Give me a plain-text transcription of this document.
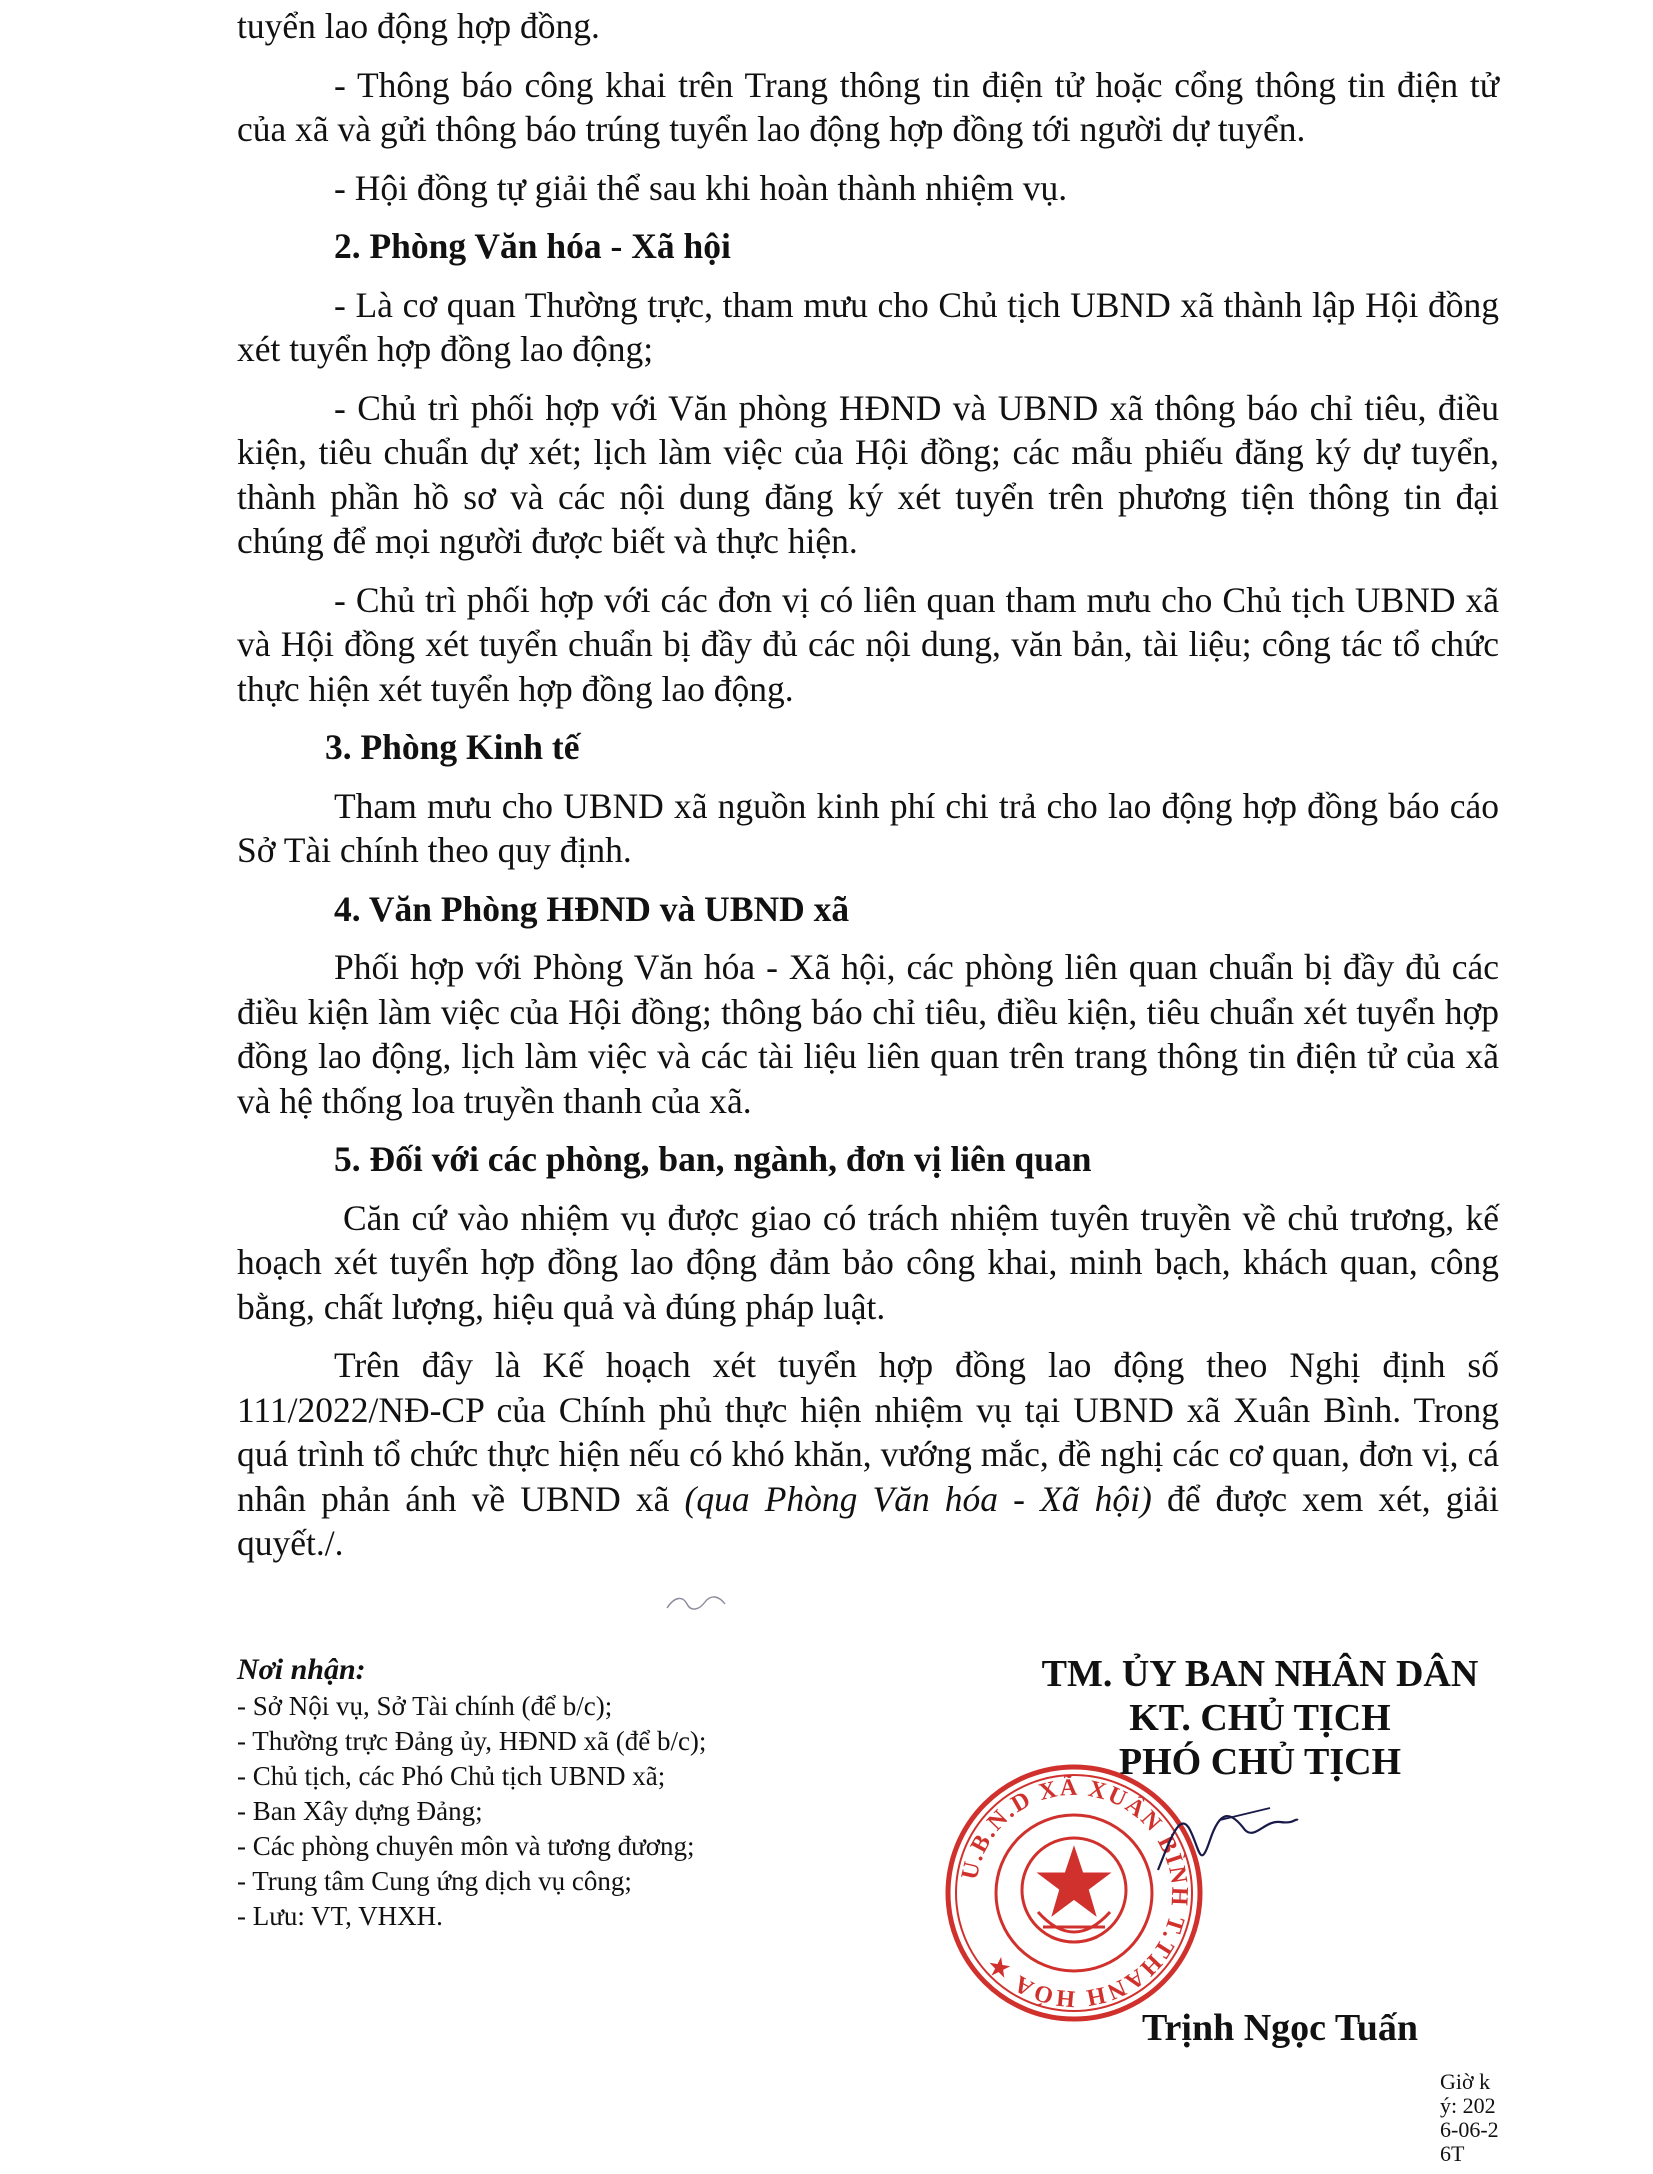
tuyển lao động hợp đồng.

- Thông báo công khai trên Trang thông tin điện tử hoặc cổng thông tin điện tử của xã và gửi thông báo trúng tuyển lao động hợp đồng tới người dự tuyển.

- Hội đồng tự giải thể sau khi hoàn thành nhiệm vụ.

2. Phòng Văn hóa - Xã hội

- Là cơ quan Thường trực, tham mưu cho Chủ tịch UBND xã thành lập Hội đồng xét tuyển hợp đồng lao động;

- Chủ trì phối hợp với Văn phòng HĐND và UBND xã thông báo chỉ tiêu, điều kiện, tiêu chuẩn dự xét; lịch làm việc của Hội đồng; các mẫu phiếu đăng ký dự tuyển, thành phần hồ sơ và các nội dung đăng ký xét tuyển trên phương tiện thông tin đại chúng để mọi người được biết và thực hiện.

- Chủ trì phối hợp với các đơn vị có liên quan tham mưu cho Chủ tịch UBND xã và Hội đồng xét tuyển chuẩn bị đầy đủ các nội dung, văn bản, tài liệu; công tác tổ chức thực hiện xét tuyển hợp đồng lao động.

3. Phòng Kinh tế

Tham mưu cho UBND xã nguồn kinh phí chi trả cho lao động hợp đồng báo cáo Sở Tài chính theo quy định.

4. Văn Phòng HĐND và UBND xã

Phối hợp với Phòng Văn hóa - Xã hội, các phòng liên quan chuẩn bị đầy đủ các điều kiện làm việc của Hội đồng; thông báo chỉ tiêu, điều kiện, tiêu chuẩn xét tuyển hợp đồng lao động, lịch làm việc và các tài liệu liên quan trên trang thông tin điện tử của xã và hệ thống loa truyền thanh của xã.

5. Đối với các phòng, ban, ngành, đơn vị liên quan

Căn cứ vào nhiệm vụ được giao có trách nhiệm tuyên truyền về chủ trương, kế hoạch xét tuyển hợp đồng lao động đảm bảo công khai, minh bạch, khách quan, công bằng, chất lượng, hiệu quả và đúng pháp luật.

Trên đây là Kế hoạch xét tuyển hợp đồng lao động theo Nghị định số 111/2022/NĐ-CP của Chính phủ thực hiện nhiệm vụ tại UBND xã Xuân Bình. Trong quá trình tổ chức thực hiện nếu có khó khăn, vướng mắc, đề nghị các cơ quan, đơn vị, cá nhân phản ánh về UBND xã (qua Phòng Văn hóa - Xã hội) để được xem xét, giải quyết./.

Nơi nhận:
- Sở Nội vụ, Sở Tài chính (để b/c);
- Thường trực Đảng ủy, HĐND xã (để b/c);
- Chủ tịch, các Phó Chủ tịch UBND xã;
- Ban Xây dựng Đảng;
- Các phòng chuyên môn và tương đương;
- Trung tâm Cung ứng dịch vụ công;
- Lưu: VT, VHXH.
TM. ỦY BAN NHÂN DÂN
KT. CHỦ TỊCH
PHÓ CHỦ TỊCH
U.B.N.D XÃ XUÂN BÌNH T.THANH HÓA ★
Trịnh Ngọc Tuấn
Giờ ký: 2026-06-26T
